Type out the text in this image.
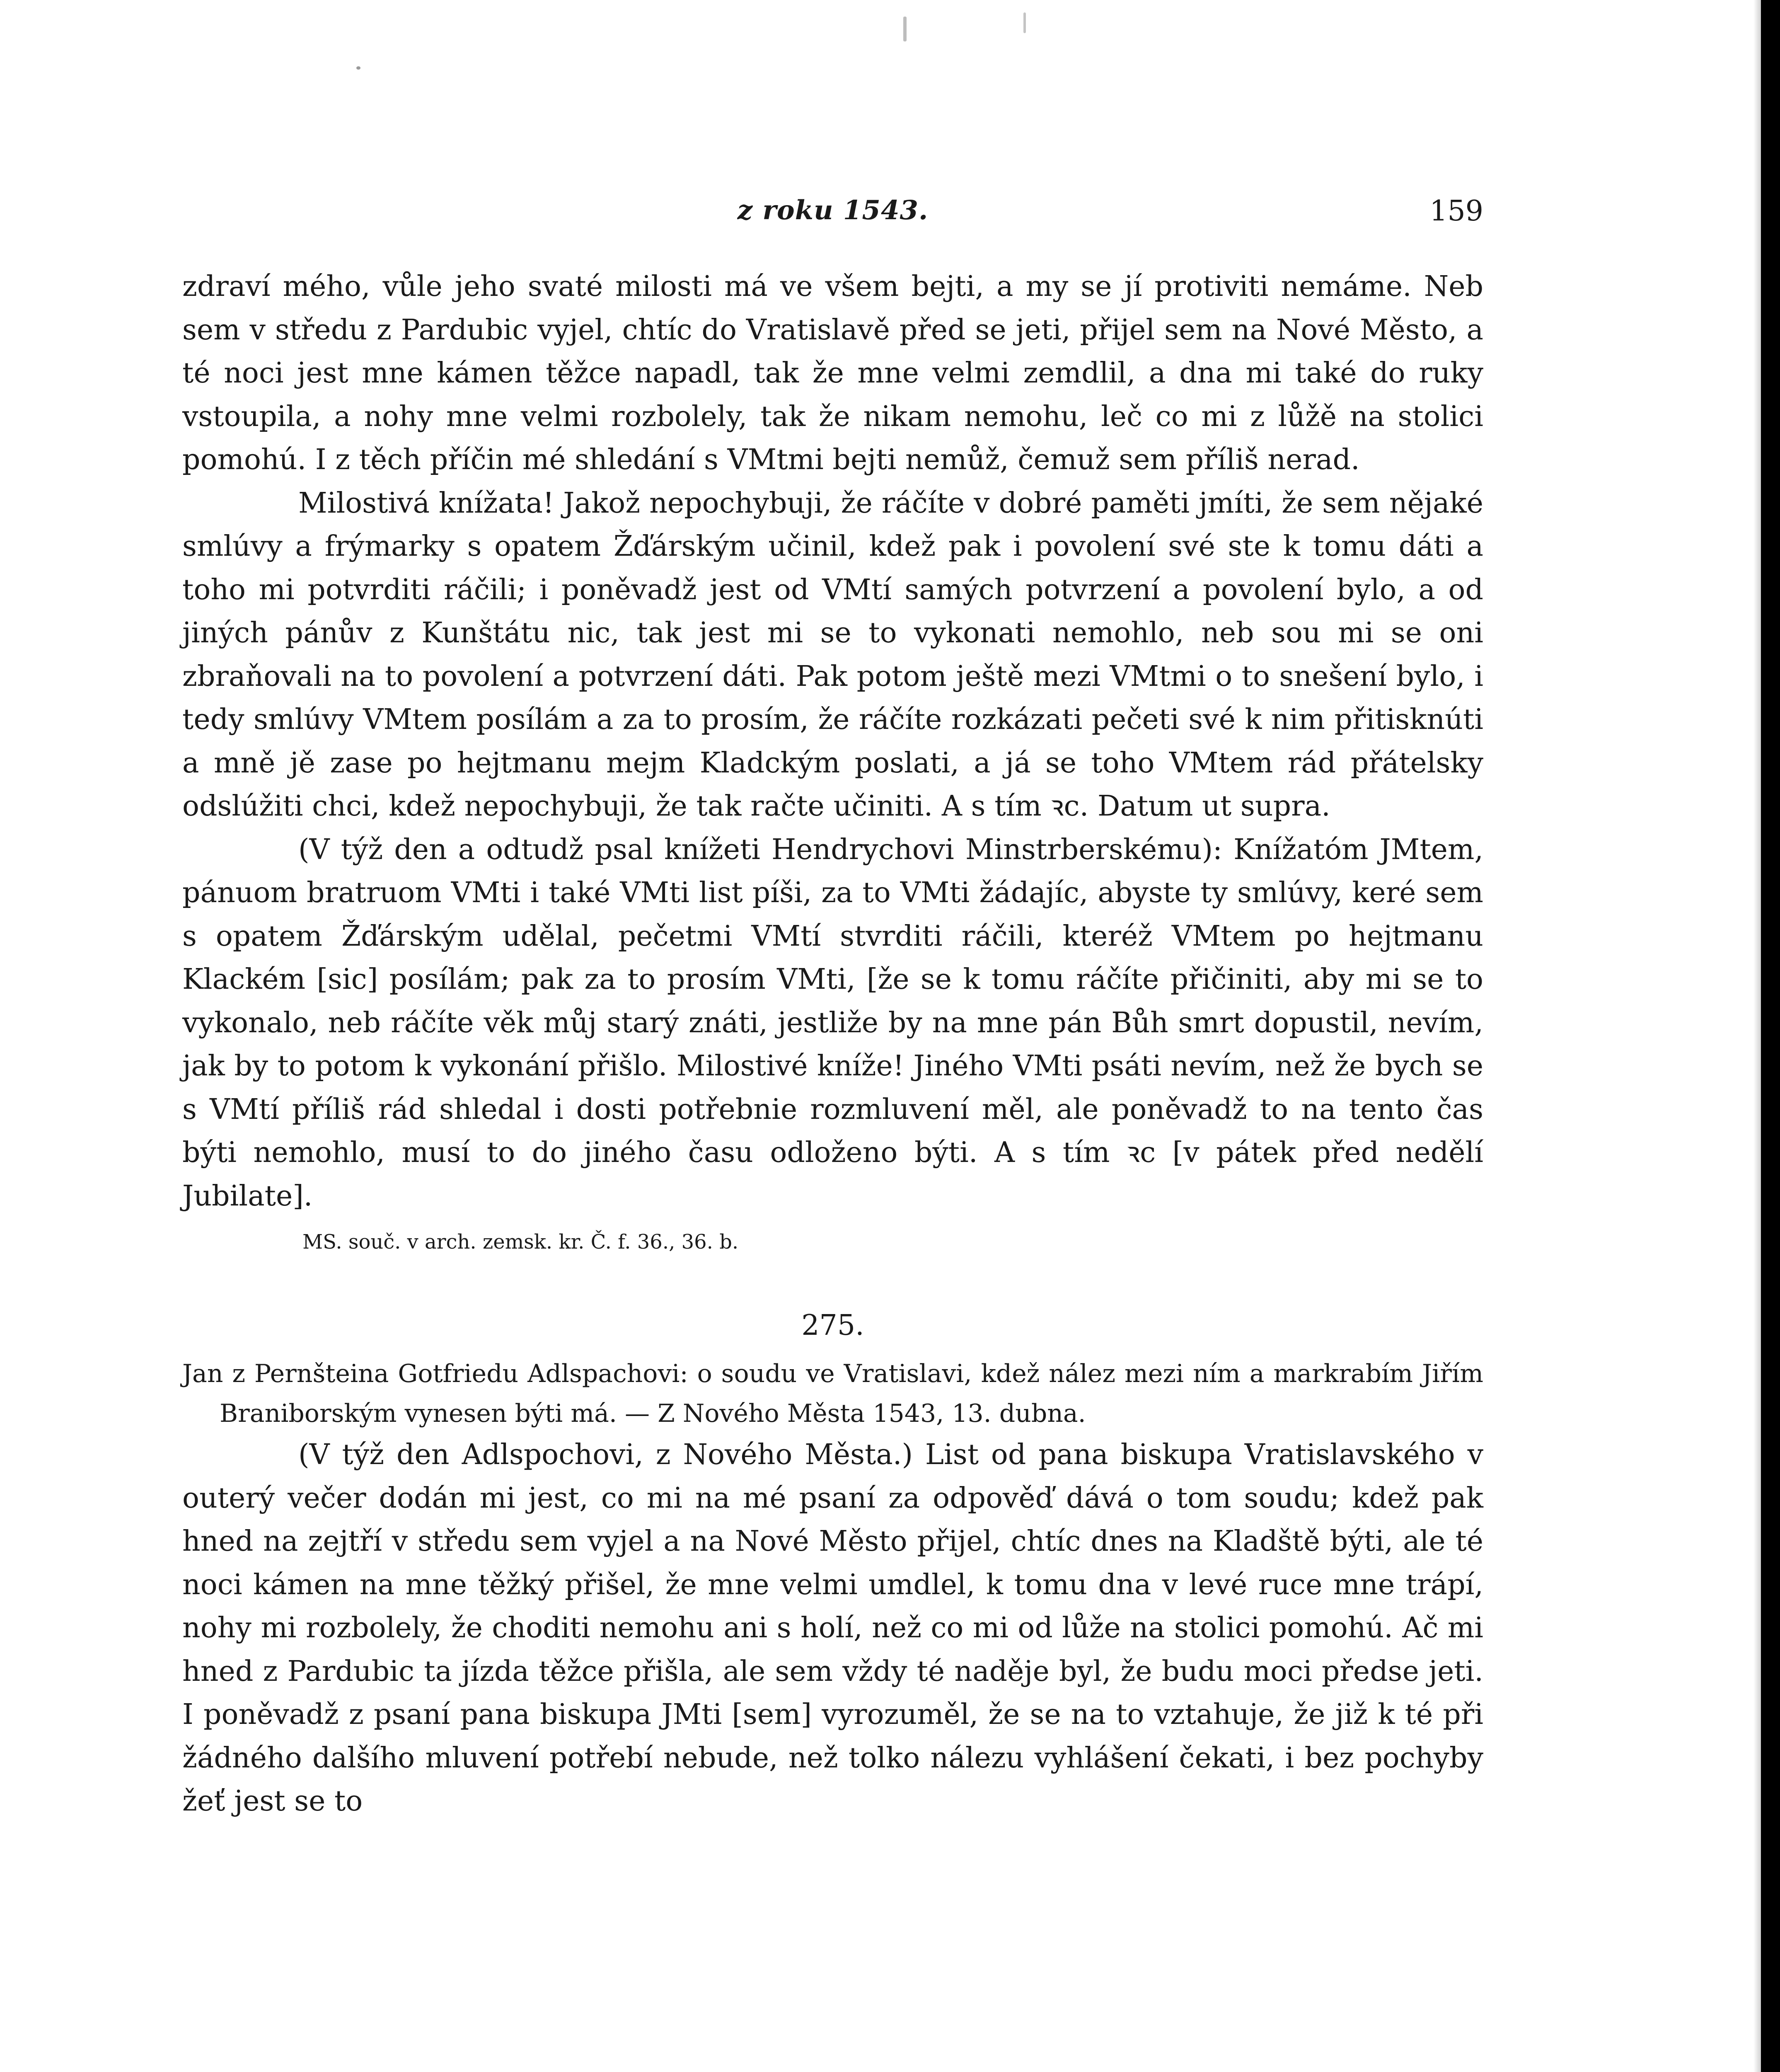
z roku 1543.	159

zdraví mého, vůle jeho svaté milosti má ve všem bejti, a my se jí protiviti nemáme. Neb sem v středu z Pardubic vyjel, chtíc do Vratislavě před se jeti, přijel sem na Nové Město, a té noci jest mne kámen těžce napadl, tak že mne velmi zemdlil, a dna mi také do ruky vstoupila, a nohy mne velmi rozbolely, tak že nikam nemohu, leč co mi z lůžě na stolici pomohú. I z těch příčin mé shledání s VMtmi bejti nemůž, čemuž sem příliš nerad.

Milostivá knížata! Jakož nepochybuji, že ráčíte v dobré paměti jmíti, že sem nějaké smlúvy a frýmarky s opatem Žďárským učinil, kdež pak i povolení své ste k tomu dáti a toho mi potvrditi ráčili; i poněvadž jest od VMtí samých potvrzení a povolení bylo, a od jiných pánův z Kunštátu nic, tak jest mi se to vykonati nemohlo, neb sou mi se oni zbraňovali na to povolení a potvrzení dáti. Pak potom ještě mezi VMtmi o to snešení bylo, i tedy smlúvy VMtem posílám a za to prosím, že ráčíte rozkázati pečeti své k nim přitisknúti a mně jě zase po hejtmanu mejm Kladckým poslati, a já se toho VMtem rád přátelsky odslúžiti chci, kdež nepochybuji, že tak račte učiniti. A s tím ꝛc. Datum ut supra.

(V týž den a odtudž psal knížeti Hendrychovi Minstrberskému): Knížatóm JMtem, pánuom bratruom VMti i také VMti list píši, za to VMti žádajíc, abyste ty smlúvy, keré sem s opatem Žďárským udělal, pečetmi VMtí stvrditi ráčili, kteréž VMtem po hejtmanu Klackém [sic] posílám; pak za to prosím VMti, [že se k tomu ráčíte přičiniti, aby mi se to vykonalo, neb ráčíte věk můj starý znáti, jestliže by na mne pán Bůh smrt dopustil, nevím, jak by to potom k vykonání přišlo. Milostivé kníže! Jiného VMti psáti nevím, než že bych se s VMtí příliš rád shledal i dosti potřebnie rozmluvení měl, ale poněvadž to na tento čas býti nemohlo, musí to do jiného času odloženo býti. A s tím ꝛc [v pátek před nedělí Jubilate].

MS. souč. v arch. zemsk. kr. Č. f. 36., 36. b.

275.

Jan z Pernšteina Gotfriedu Adlspachovi: o soudu ve Vratislavi, kdež nález mezi ním a markrabím Jiřím Braniborským vynesen býti má. — Z Nového Města 1543, 13. dubna.

(V týž den Adlspochovi, z Nového Města.) List od pana biskupa Vratislavského v outerý večer dodán mi jest, co mi na mé psaní za odpověď dává o tom soudu; kdež pak hned na zejtří v středu sem vyjel a na Nové Město přijel, chtíc dnes na Kladště býti, ale té noci kámen na mne těžký přišel, že mne velmi umdlel, k tomu dna v levé ruce mne trápí, nohy mi rozbolely, že choditi nemohu ani s holí, než co mi od lůže na stolici pomohú. Ač mi hned z Pardubic ta jízda těžce přišla, ale sem vždy té naděje byl, že budu moci předse jeti. I poněvadž z psaní pana biskupa JMti [sem] vyrozuměl, že se na to vztahuje, že již k té při žádného dalšího mluvení potřebí nebude, než tolko nálezu vyhlášení čekati, i bez pochyby žeť jest se to
